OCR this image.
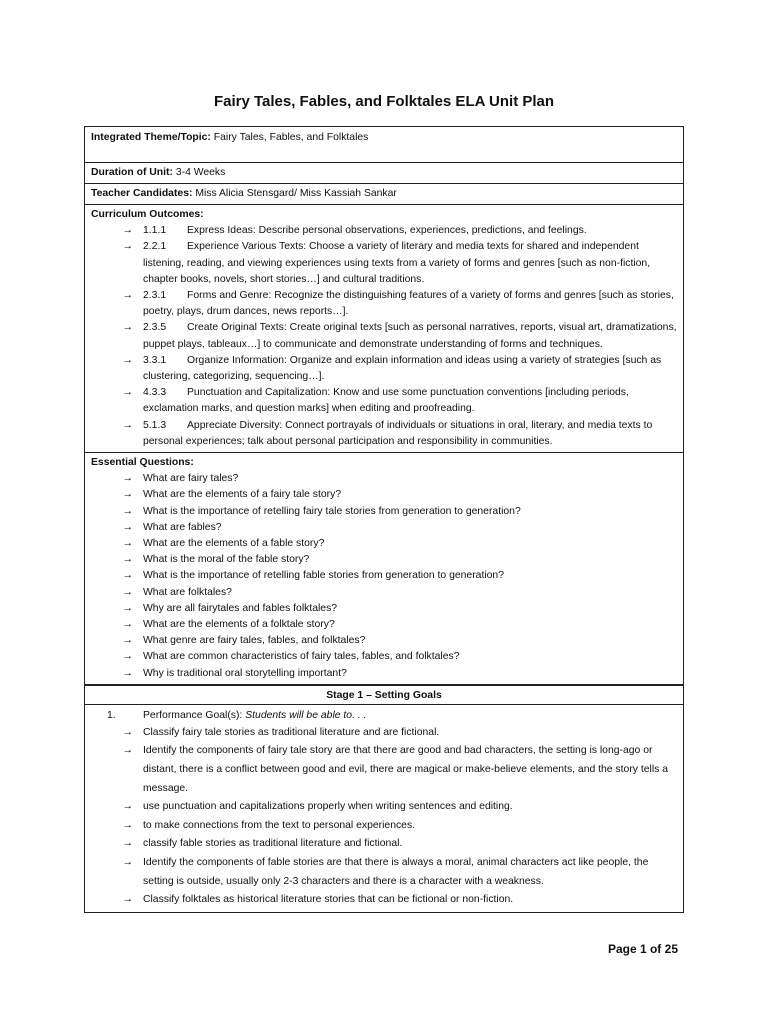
Fairy Tales, Fables, and Folktales ELA Unit Plan
Integrated Theme/Topic: Fairy Tales, Fables, and Folktales
Duration of Unit: 3-4 Weeks
Teacher Candidates: Miss Alicia Stensgard/ Miss Kassiah Sankar
Curriculum Outcomes:
→ 1.1.1 Express Ideas: Describe personal observations, experiences, predictions, and feelings.
→ 2.2.1 Experience Various Texts: Choose a variety of literary and media texts for shared and independent listening, reading, and viewing experiences using texts from a variety of forms and genres [such as non-fiction, chapter books, novels, short stories…] and cultural traditions.
→ 2.3.1 Forms and Genre: Recognize the distinguishing features of a variety of forms and genres [such as stories, poetry, plays, drum dances, news reports…].
→ 2.3.5 Create Original Texts: Create original texts [such as personal narratives, reports, visual art, dramatizations, puppet plays, tableaux…] to communicate and demonstrate understanding of forms and techniques.
→ 3.3.1 Organize Information: Organize and explain information and ideas using a variety of strategies [such as clustering, categorizing, sequencing…].
→ 4.3.3 Punctuation and Capitalization: Know and use some punctuation conventions [including periods, exclamation marks, and question marks] when editing and proofreading.
→ 5.1.3 Appreciate Diversity: Connect portrayals of individuals or situations in oral, literary, and media texts to personal experiences; talk about personal participation and responsibility in communities.
Essential Questions:
→ What are fairy tales?
→ What are the elements of a fairy tale story?
→ What is the importance of retelling fairy tale stories from generation to generation?
→ What are fables?
→ What are the elements of a fable story?
→ What is the moral of the fable story?
→ What is the importance of retelling fable stories from generation to generation?
→ What are folktales?
→ Why are all fairytales and fables folktales?
→ What are the elements of a folktale story?
→ What genre are fairy tales, fables, and folktales?
→ What are common characteristics of fairy tales, fables, and folktales?
→ Why is traditional oral storytelling important?
Stage 1 – Setting Goals
1.	Performance Goal(s): Students will be able to. . .
→ Classify fairy tale stories as traditional literature and are fictional.
→ Identify the components of fairy tale story are that there are good and bad characters, the setting is long-ago or distant, there is a conflict between good and evil, there are magical or make-believe elements, and the story tells a message.
→ use punctuation and capitalizations properly when writing sentences and editing.
→ to make connections from the text to personal experiences.
→ classify fable stories as traditional literature and fictional.
→ Identify the components of fable stories are that there is always a moral, animal characters act like people, the setting is outside, usually only 2-3 characters and there is a character with a weakness.
→ Classify folktales as historical literature stories that can be fictional or non-fiction.
Page 1 of 25
